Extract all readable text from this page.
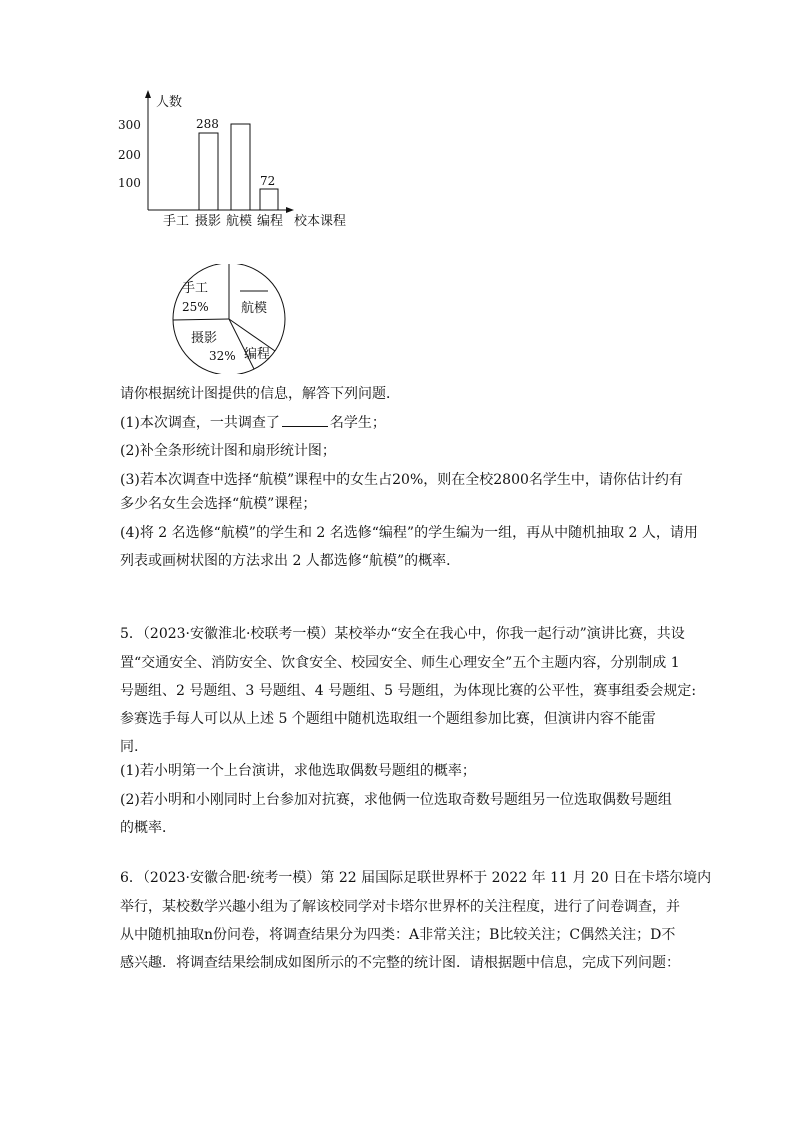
人数
300
200
100
288
72
手工 摄影 航模 编程 校本课程
手工
25% 航模
摄影
32% 编程
请你根据统计图提供的信息，解答下列问题．
(1)本次调查，一共调查了	名学生；
(2)补全条形统计图和扇形统计图；
(3)若本次调查中选择“航模”课程中的女生占20%，则在全校2800名学生中，请你估计约有
多少名女生会选择“航模”课程；
(4)将 2 名选修“航模”的学生和 2 名选修“编程”的学生编为一组，再从中随机抽取 2 人，请用
列表或画树状图的方法求出 2 人都选修“航模”的概率．
5．（2023·安徽淮北·校联考一模）某校举办“安全在我心中，你我一起行动”演讲比赛，共设
置“交通安全、消防安全、饮食安全、校园安全、师生心理安全”五个主题内容，分别制成 1
号题组、2 号题组、3 号题组、4 号题组、5 号题组，为体现比赛的公平性，赛事组委会规定:
参赛选手每人可以从上述 5 个题组中随机选取组一个题组参加比赛，但演讲内容不能雷
同.
(1)若小明第一个上台演讲，求他选取偶数号题组的概率；
(2)若小明和小刚同时上台参加对抗赛，求他俩一位选取奇数号题组另一位选取偶数号题组
的概率．
6．（2023·安徽合肥·统考一模）第 22 届国际足联世界杯于 2022 年 11 月 20 日在卡塔尔境内
举行，某校数学兴趣小组为了解该校同学对卡塔尔世界杯的关注程度，进行了问卷调查，并
从中随机抽取n份问卷，将调查结果分为四类：A非常关注；B比较关注；C偶然关注；D不
感兴趣．将调查结果绘制成如图所示的不完整的统计图．请根据题中信息，完成下列问题：
